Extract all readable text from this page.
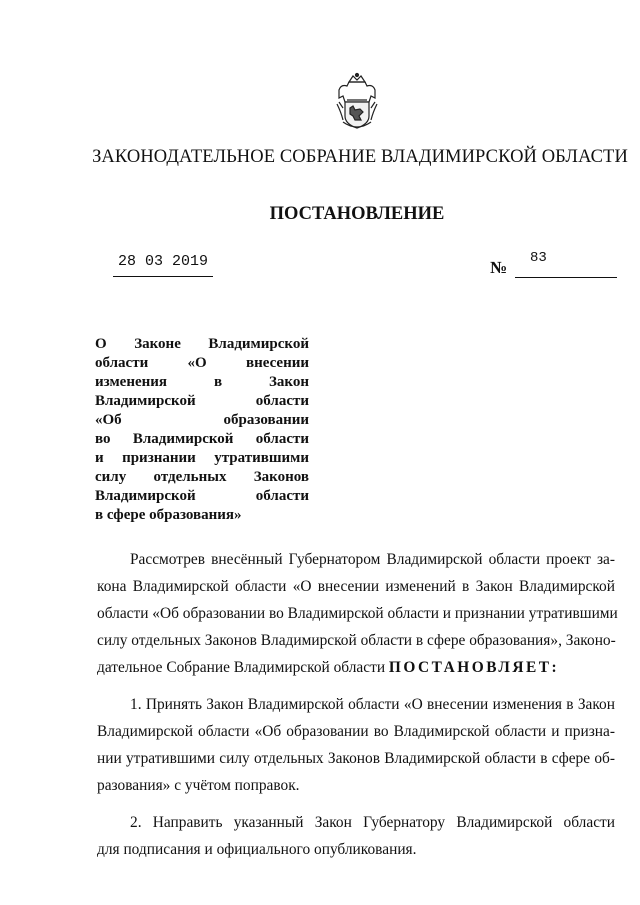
ЗАКОНОДАТЕЛЬНОЕ СОБРАНИЕ ВЛАДИМИРСКОЙ ОБЛАСТИ
ПОСТАНОВЛЕНИЕ
28 03 2019	№ 83
О Законе Владимирской
области «О внесении
изменения в Закон
Владимирской области
«Об образовании
во Владимирской области
и признании утратившими
силу отдельных Законов
Владимирской области
в сфере образования»
Рассмотрев внесённый Губернатором Владимирской области проект за-
кона Владимирской области «О внесении изменений в Закон Владимирской
области «Об образовании во Владимирской области и признании утратившими
силу отдельных Законов Владимирской области в сфере образования», Законо-
дательное Собрание Владимирской области ПОСТАНОВЛЯЕТ:
1. Принять Закон Владимирской области «О внесении изменения в Закон
Владимирской области «Об образовании во Владимирской области и призна-
нии утратившими силу отдельных Законов Владимирской области в сфере об-
разования» с учётом поправок.
2. Направить указанный Закон Губернатору Владимирской области
для подписания и официального опубликования.
